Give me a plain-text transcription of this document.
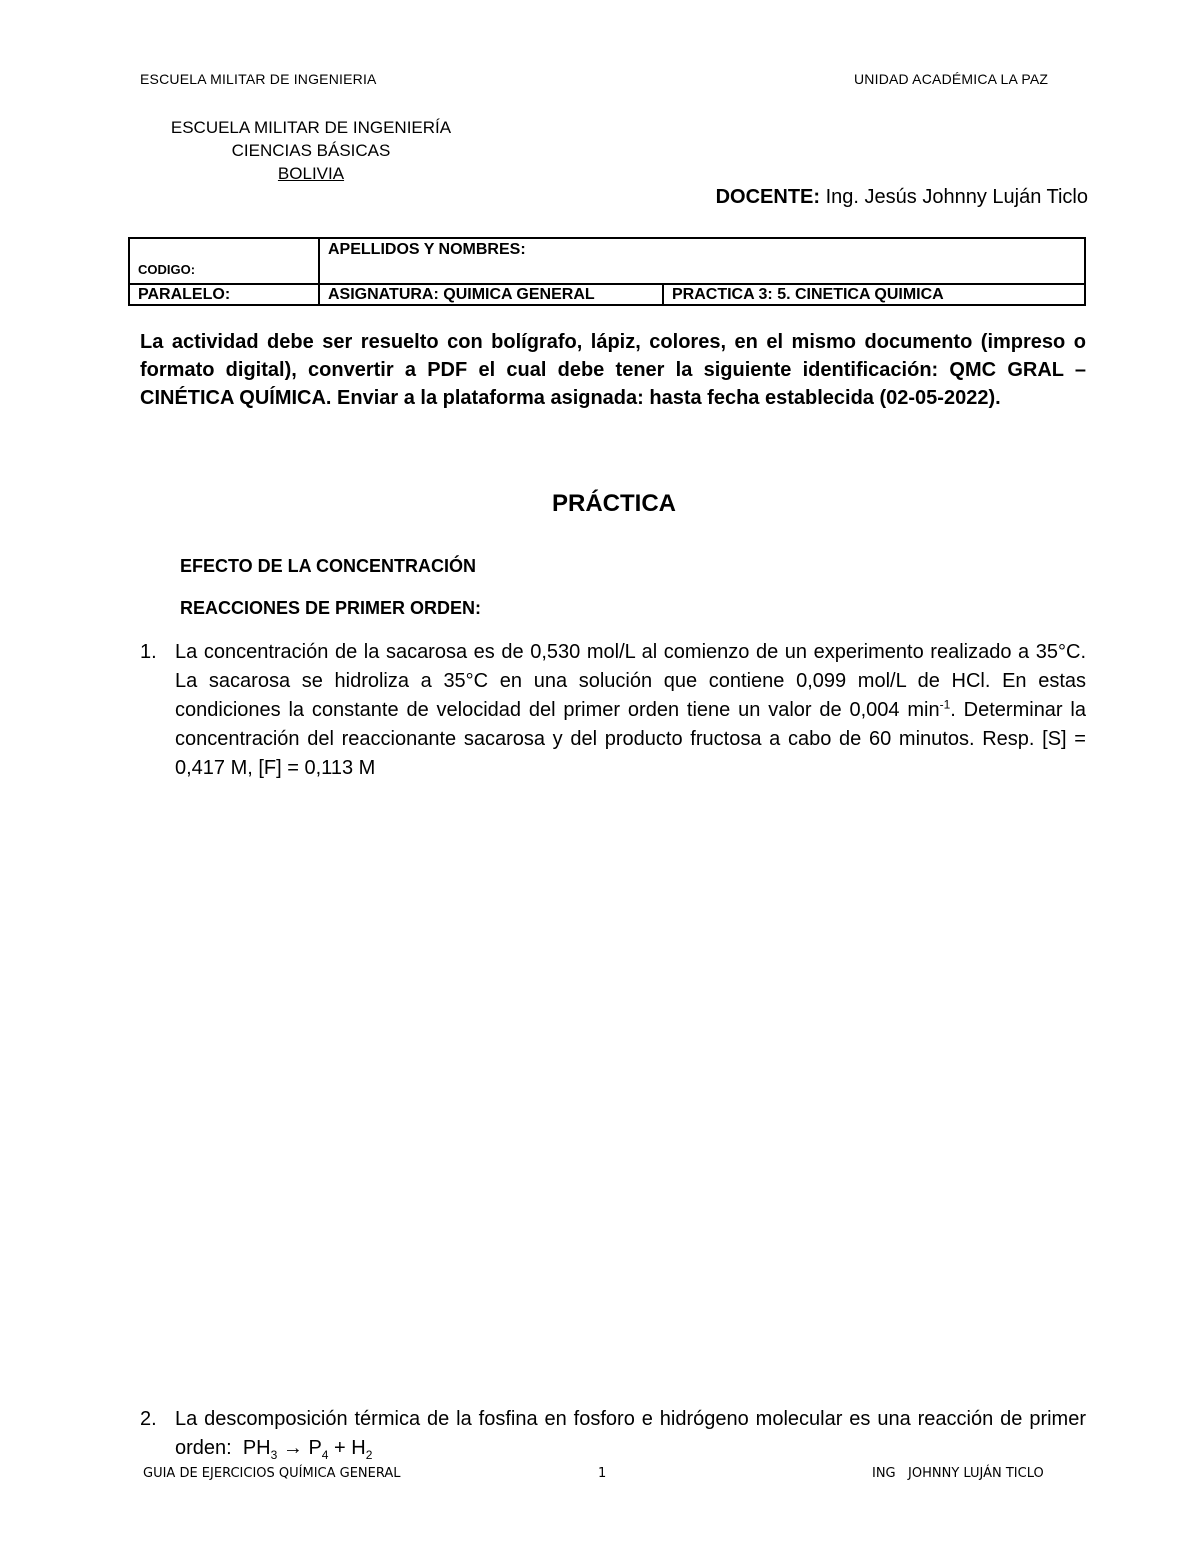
ESCUELA MILITAR DE INGENIERIA	UNIDAD ACADÉMICA LA PAZ
ESCUELA MILITAR DE INGENIERÍA
CIENCIAS BÁSICAS
BOLIVIA
DOCENTE: Ing. Jesús Johnny Luján Ticlo
CODIGO:	APELLIDOS Y NOMBRES:	
PARALELO:	ASIGNATURA: QUIMICA GENERAL	PRACTICA 3: 5. CINETICA QUIMICA
La actividad debe ser resuelto con bolígrafo, lápiz, colores, en el mismo documento (impreso o formato digital), convertir a PDF el cual debe tener la siguiente identificación: QMC GRAL – CINÉTICA QUÍMICA. Enviar a la plataforma asignada: hasta fecha establecida (02-05-2022).
PRÁCTICA
EFECTO DE LA CONCENTRACIÓN
REACCIONES DE PRIMER ORDEN:
1. La concentración de la sacarosa es de 0,530 mol/L al comienzo de un experimento realizado a 35°C. La sacarosa se hidroliza a 35°C en una solución que contiene 0,099 mol/L de HCl. En estas condiciones la constante de velocidad del primer orden tiene un valor de 0,004 $\min^{-1}$. Determinar la concentración del reaccionante sacarosa y del producto fructosa a cabo de 60 minutos. Resp. [S] = 0,417 M, [F] = 0,113 M
2. La descomposición térmica de la fosfina en fosforo e hidrógeno molecular es una reacción de primer orden: $PH_3 \to P_4 + H_2$
GUIA DE EJERCICIOS QUÍMICA GENERAL	1	ING   JOHNNY LUJÁN TICLO
